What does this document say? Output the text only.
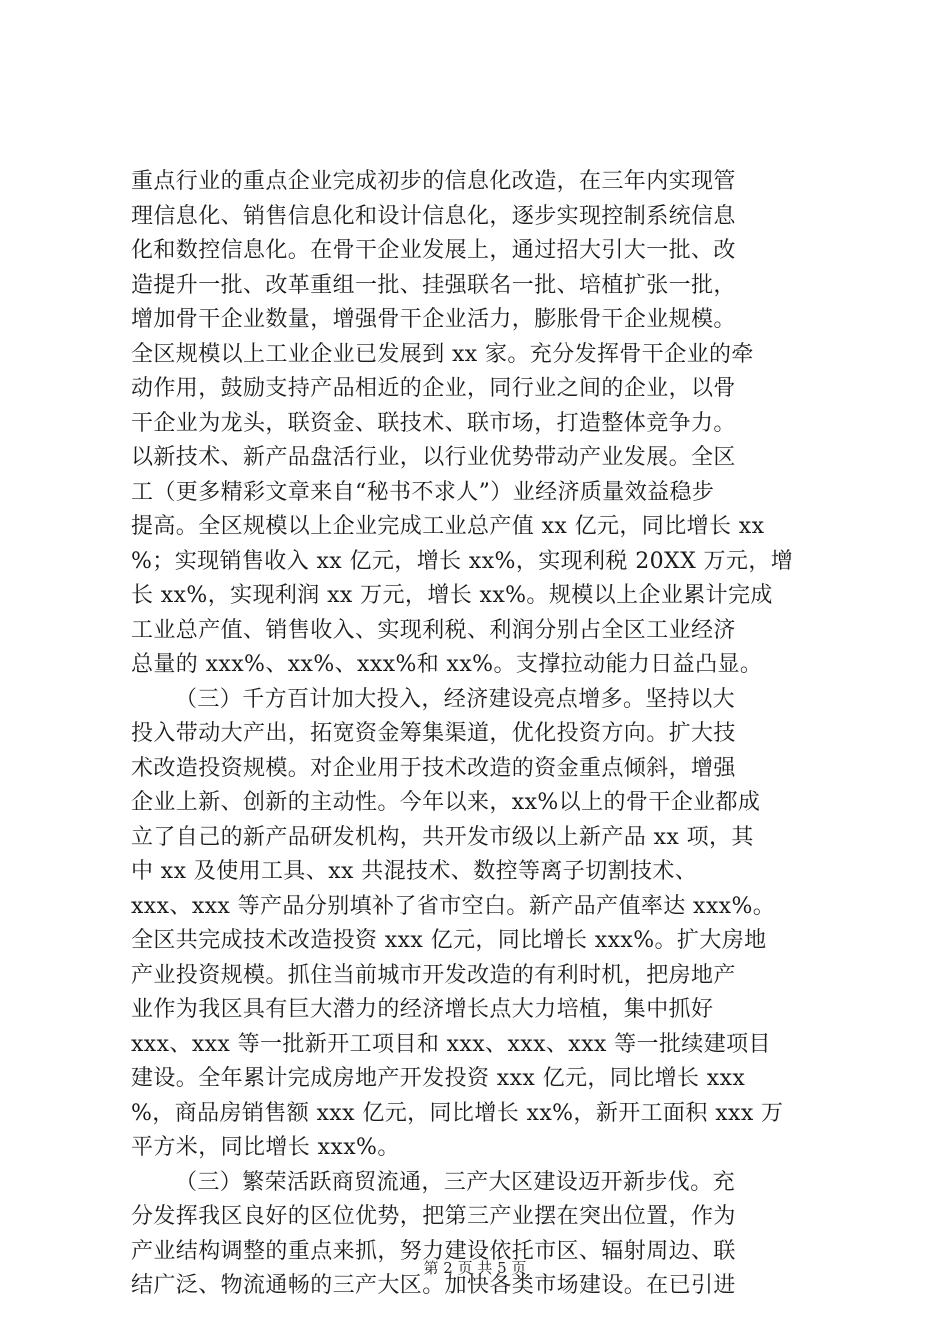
重点行业的重点企业完成初步的信息化改造，在三年内实现管
理信息化、销售信息化和设计信息化，逐步实现控制系统信息
化和数控信息化。在骨干企业发展上，通过招大引大一批、改
造提升一批、改革重组一批、挂强联名一批、培植扩张一批，
增加骨干企业数量，增强骨干企业活力，膨胀骨干企业规模。
全区规模以上工业企业已发展到 xx 家。充分发挥骨干企业的牵
动作用，鼓励支持产品相近的企业，同行业之间的企业，以骨
干企业为龙头，联资金、联技术、联市场，打造整体竞争力。
以新技术、新产品盘活行业，以行业优势带动产业发展。全区
工（更多精彩文章来自“秘书不求人”）业经济质量效益稳步
提高。全区规模以上企业完成工业总产值 xx 亿元，同比增长 xx
%；实现销售收入 xx 亿元，增长 xx%，实现利税 20XX 万元，增
长 xx%，实现利润 xx 万元，增长 xx%。规模以上企业累计完成
工业总产值、销售收入、实现利税、利润分别占全区工业经济
总量的 xxx%、xx%、xxx%和 xx%。支撑拉动能力日益凸显。
（三）千方百计加大投入，经济建设亮点增多。坚持以大
投入带动大产出，拓宽资金筹集渠道，优化投资方向。扩大技
术改造投资规模。对企业用于技术改造的资金重点倾斜，增强
企业上新、创新的主动性。今年以来，xx%以上的骨干企业都成
立了自己的新产品研发机构，共开发市级以上新产品 xx 项，其
中 xx 及使用工具、xx 共混技术、数控等离子切割技术、
xxx、xxx 等产品分别填补了省市空白。新产品产值率达 xxx%。
全区共完成技术改造投资 xxx 亿元，同比增长 xxx%。扩大房地
产业投资规模。抓住当前城市开发改造的有利时机，把房地产
业作为我区具有巨大潜力的经济增长点大力培植，集中抓好
xxx、xxx 等一批新开工项目和 xxx、xxx、xxx 等一批续建项目
建设。全年累计完成房地产开发投资 xxx 亿元，同比增长 xxx
%，商品房销售额 xxx 亿元，同比增长 xx%，新开工面积 xxx 万
平方米，同比增长 xxx%。
（三）繁荣活跃商贸流通，三产大区建设迈开新步伐。充
分发挥我区良好的区位优势，把第三产业摆在突出位置，作为
产业结构调整的重点来抓，努力建设依托市区、辐射周边、联
结广泛、物流通畅的三产大区。加快各类市场建设。在已引进
第 2 页 共 5 页
